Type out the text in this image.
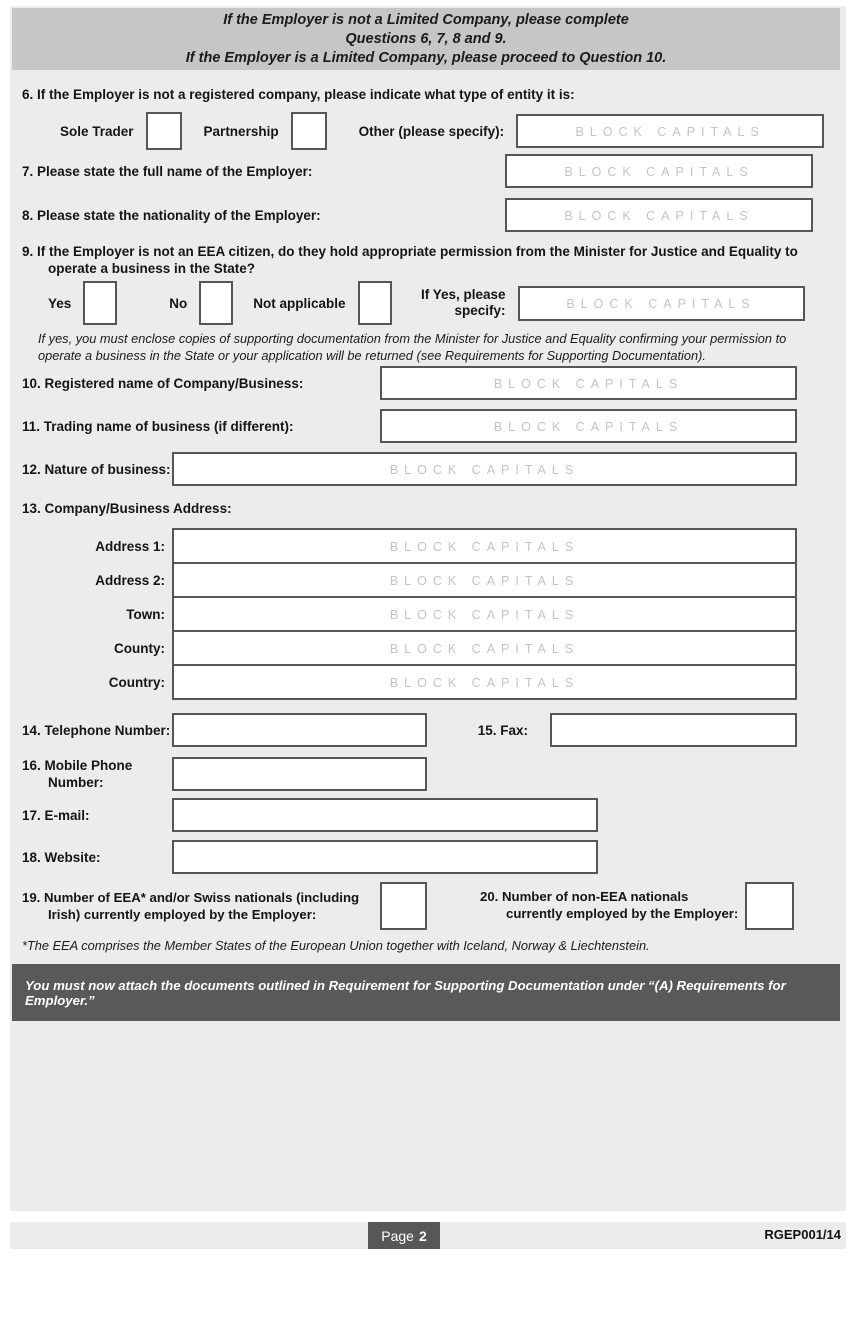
If the Employer is not a Limited Company, please complete
Questions 6, 7, 8 and 9.
If the Employer is a Limited Company, please proceed to Question 10.
6. If the Employer is not a registered company, please indicate what type of entity it is:
Sole Trader	Partnership	Other (please specify):
BLOCK CAPITALS
7. Please state the full name of the Employer:
BLOCK CAPITALS
8. Please state the nationality of the Employer:
BLOCK CAPITALS
9. If the Employer is not an EEA citizen, do they hold appropriate permission from the Minister for Justice and Equality to operate a business in the State?
Yes	No	Not applicable
If Yes, please specify:
BLOCK CAPITALS
If yes, you must enclose copies of supporting documentation from the Minister for Justice and Equality confirming your permission to operate a business in the State or your application will be returned (see Requirements for Supporting Documentation).
10. Registered name of Company/Business:
BLOCK CAPITALS
11. Trading name of business (if different):
BLOCK CAPITALS
12. Nature of business:
BLOCK CAPITALS
13. Company/Business Address:
Address 1:
BLOCK CAPITALS
Address 2:
BLOCK CAPITALS
Town:
BLOCK CAPITALS
County:
BLOCK CAPITALS
Country:
BLOCK CAPITALS
14. Telephone Number:	15. Fax:
16. Mobile Phone Number:
17. E-mail:
18. Website:
19. Number of EEA* and/or Swiss nationals (including Irish) currently employed by the Employer:
20. Number of non-EEA nationals currently employed by the Employer:
*The EEA comprises the Member States of the European Union together with Iceland, Norway & Liechtenstein.
You must now attach the documents outlined in Requirement for Supporting Documentation under “(A) Requirements for Employer.”
Page 2	RGEP001/14
